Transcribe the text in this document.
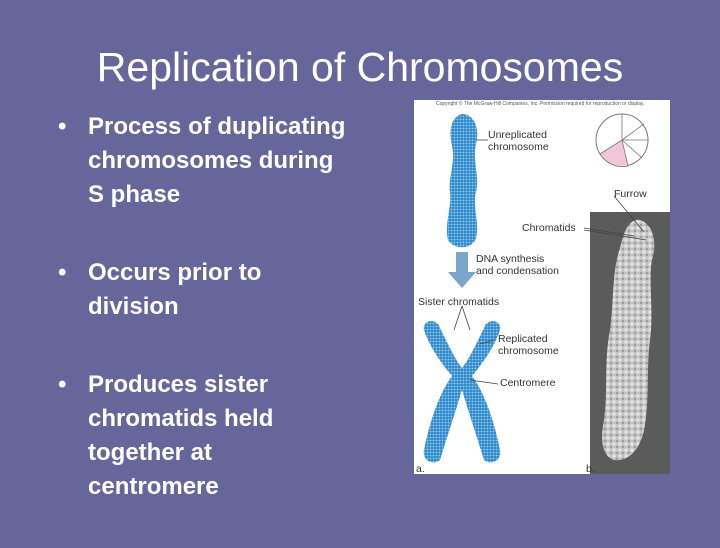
Replication of Chromosomes
• Process of duplicating
chromosomes during
S phase
• Occurs prior to
division
• Produces sister
chromatids held
together at
centromere
Copyright © The McGraw-Hill Companies, Inc. Permission required for reproduction or display.
Unreplicated
chromosome
Furrow
Chromatids
DNA synthesis
and condensation
Sister chromatids
Replicated
chromosome
Centromere
a.	b.
